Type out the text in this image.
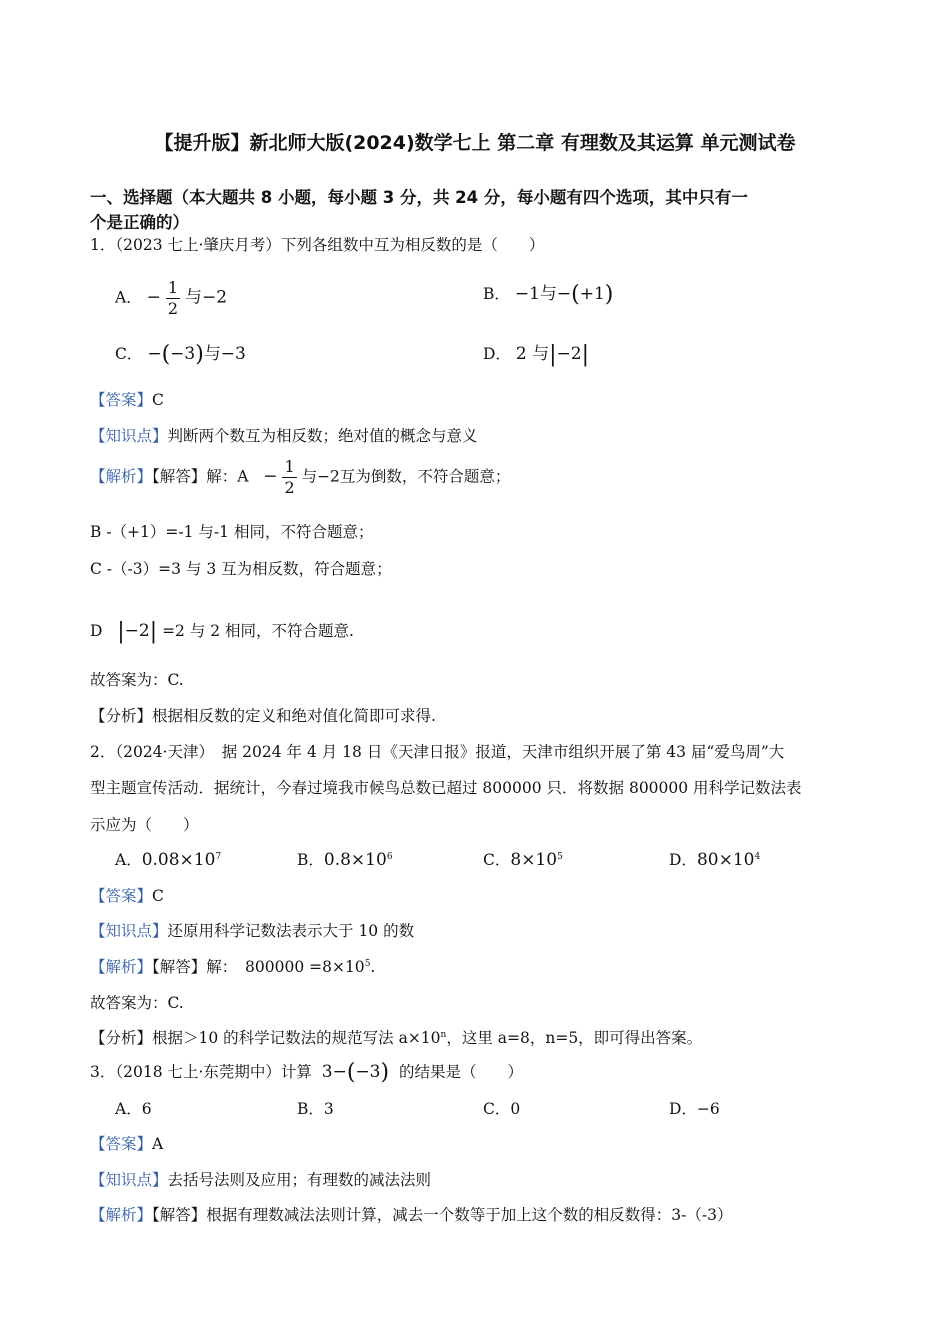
【提升版】新北师大版(2024)数学七上 第二章 有理数及其运算 单元测试卷
一、选择题（本大题共 8 小题，每小题 3 分，共 24 分，每小题有四个选项，其中只有一
个是正确的）
1．（2023 七上·肇庆月考）下列各组数中互为相反数的是（　　）
A． − $\frac{1}{2}$ 与−2	B． −1与−(+1)
C． −(−3)与−3	D． 2 与|−2|
【答案】C
【知识点】判断两个数互为相反数；绝对值的概念与意义
【解析】【解答】解：$A - \frac{1}{2}$ 与−2互为倒数，不符合题意；
B -（+1）=-1 与-1 相同，不符合题意；
C -（-3）=3 与 3 互为相反数，符合题意；
D |−2| =2 与 2 相同，不符合题意.
故答案为：C.
【分析】根据相反数的定义和绝对值化简即可求得.
2．（2024·天津）　据 2024 年 4 月 18 日《天津日报》报道，天津市组织开展了第 43 届“爱鸟周”大
型主题宣传活动．据统计，今春过境我市候鸟总数已超过 800000 只．将数据 800000 用科学记数法表
示应为（　　）
A．$0.08\times 10^7$	B．$0.8\times 10^6$	C．$8\times 10^5$	D．$80\times 10^4$
【答案】C
【知识点】还原用科学记数法表示大于 10 的数
【解析】【解答】解：　$800000 =8\times 10^5$.
故答案为：C.
【分析】根据＞10 的科学记数法的规范写法 $a\times 10^n$，这里 a=8，n=5，即可得出答案。
3．（2018 七上·东莞期中）计算 3−(−3) 的结果是（　　）
A．6	B．3	C．0	D．−6
【答案】A
【知识点】去括号法则及应用；有理数的减法法则
【解析】【解答】根据有理数减法法则计算，减去一个数等于加上这个数的相反数得：3-（-3）
